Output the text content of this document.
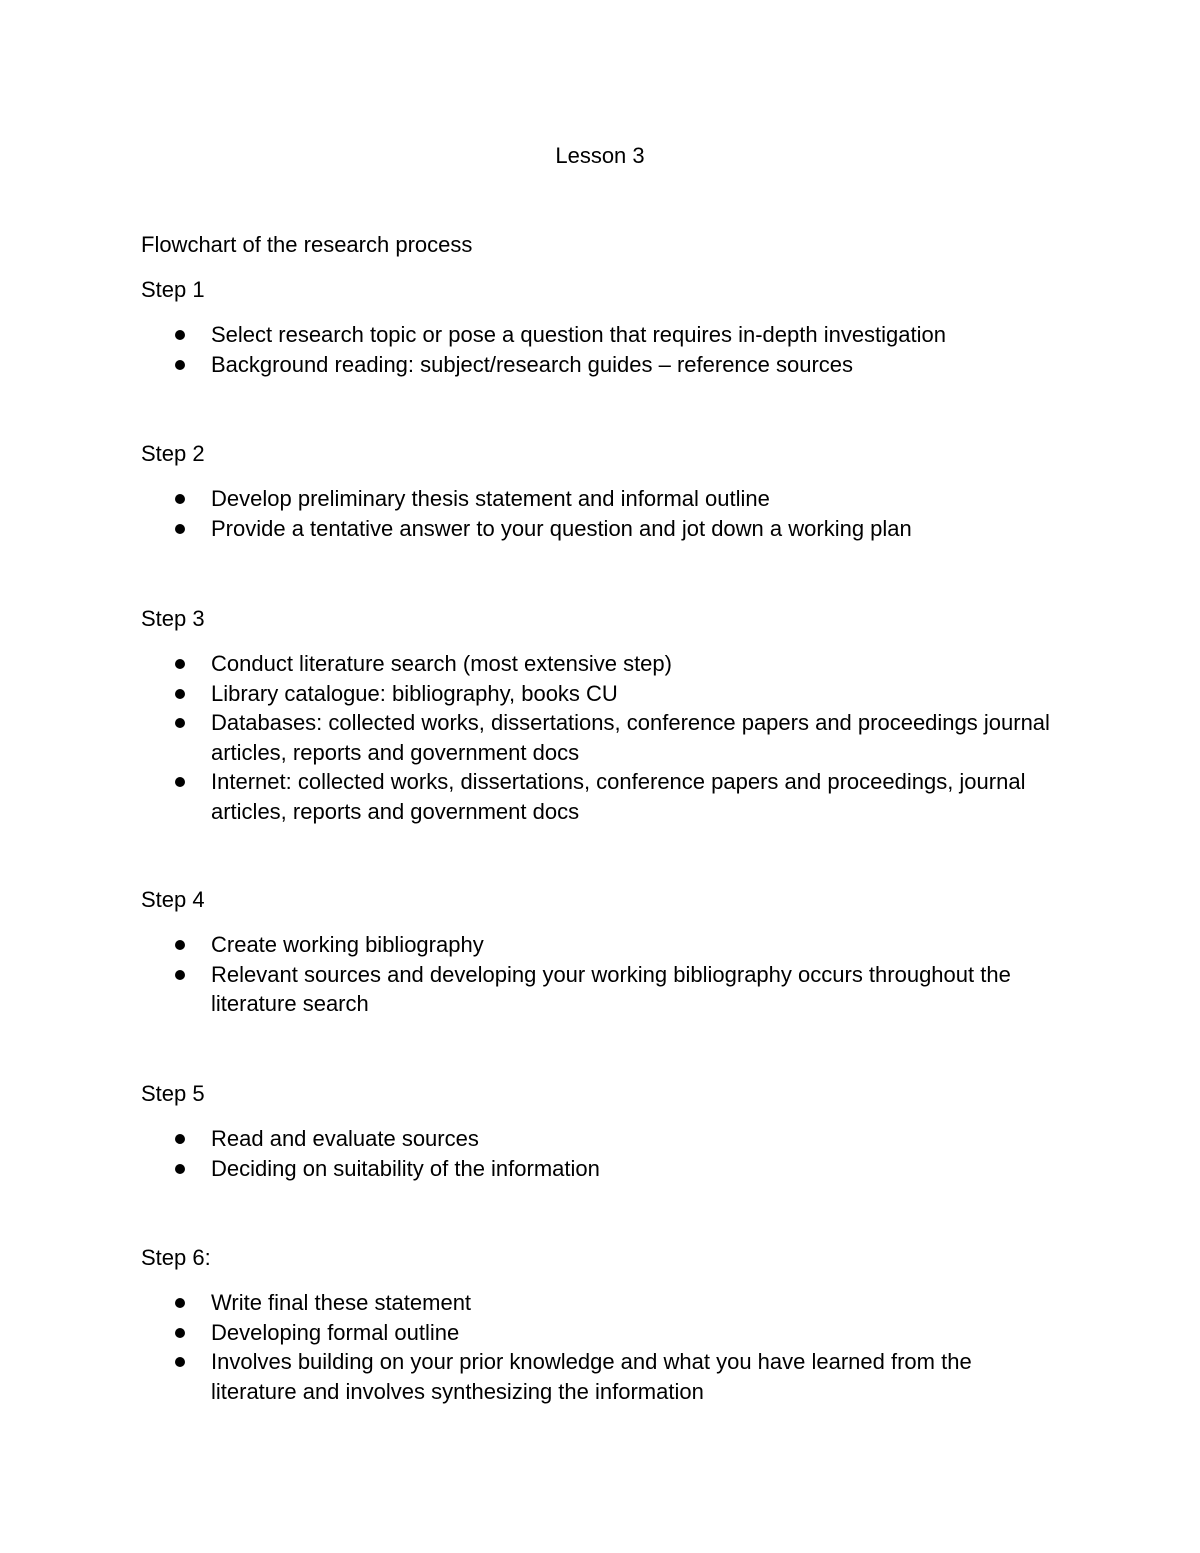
Lesson 3
Flowchart of the research process
Step 1
Select research topic or pose a question that requires in-depth investigation
Background reading: subject/research guides – reference sources
Step 2
Develop preliminary thesis statement and informal outline
Provide a tentative answer to your question and jot down a working plan
Step 3
Conduct literature search (most extensive step)
Library catalogue: bibliography, books CU
Databases: collected works, dissertations, conference papers and proceedings journal articles, reports and government docs
Internet: collected works, dissertations, conference papers and proceedings, journal articles, reports and government docs
Step 4
Create working bibliography
Relevant sources and developing your working bibliography occurs throughout the literature search
Step 5
Read and evaluate sources
Deciding on suitability of the information
Step 6:
Write final these statement
Developing formal outline
Involves building on your prior knowledge and what you have learned from the literature and involves synthesizing the information
